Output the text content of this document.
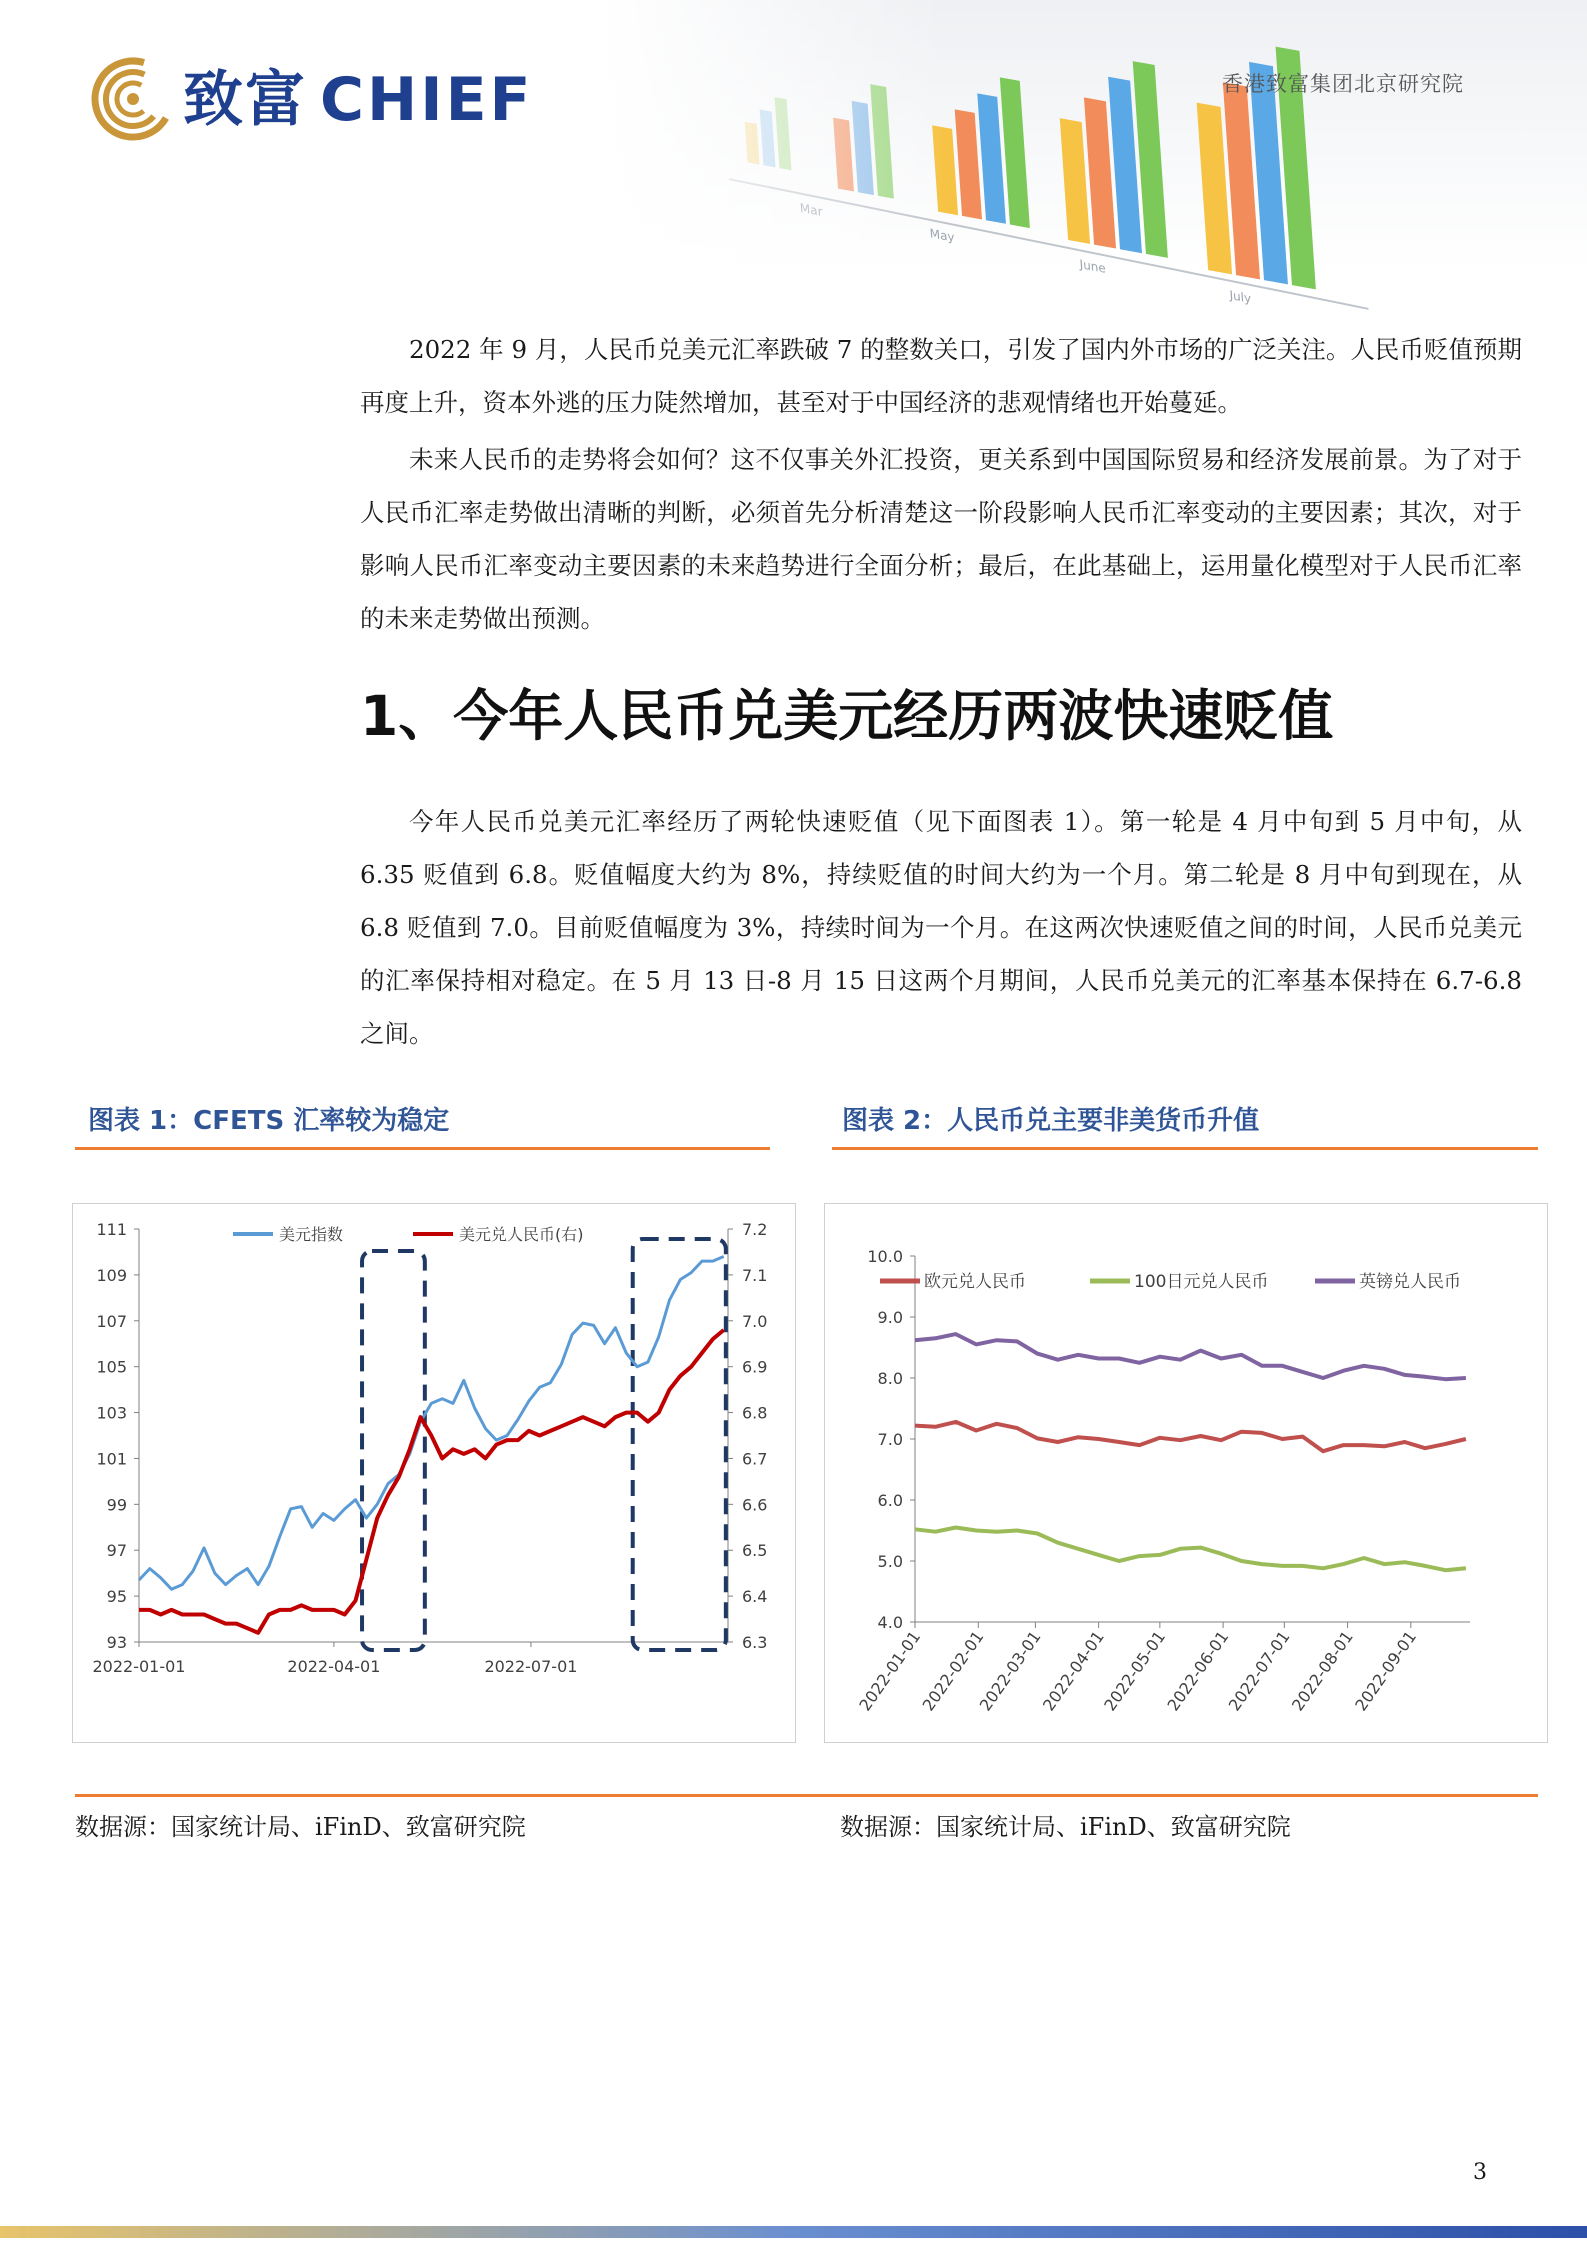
July
致富 CHIEF	香港致富集团北京研究院
2022 年 9 月，人民币兑美元汇率跌破 7 的整数关口，引发了国内外市场的广泛关注。人民币贬值预期再度上升，资本外逃的压力陡然增加，甚至对于中国经济的悲观情绪也开始蔓延。
未来人民币的走势将会如何？这不仅事关外汇投资，更关系到中国国际贸易和经济发展前景。为了对于人民币汇率走势做出清晰的判断，必须首先分析清楚这一阶段影响人民币汇率变动的主要因素；其次，对于影响人民币汇率变动主要因素的未来趋势进行全面分析；最后，在此基础上，运用量化模型对于人民币汇率的未来走势做出预测。
1、今年人民币兑美元经历两波快速贬值
今年人民币兑美元汇率经历了两轮快速贬值（见下面图表 1）。第一轮是 4 月中旬到 5 月中旬，从 6.35 贬值到 6.8。贬值幅度大约为 8%，持续贬值的时间大约为一个月。第二轮是 8 月中旬到现在，从 6.8 贬值到 7.0。目前贬值幅度为 3%，持续时间为一个月。在这两次快速贬值之间的时间，人民币兑美元的汇率保持相对稳定。在 5 月 13 日-8 月 15 日这两个月期间，人民币兑美元的汇率基本保持在 6.7-6.8 之间。
图表 1：CFETS 汇率较为稳定	图表 2：人民币兑主要非美货币升值
111
109
107
105
103
101
99
97
95
93
7.2
7.1
7.0
6.9
6.8
6.7
6.6
6.5
6.4
6.3
2022-01-01	2022-04-01	2022-07-01
美元指数	美元兑人民币(右)
10.0
9.0
8.0
7.0
6.0
5.0
4.0
2022-01-01
2022-02-01
2022-03-01
2022-04-01
2022-05-01
2022-06-01
2022-07-01
2022-08-01
2022-09-01
欧元兑人民币	100日元兑人民币	英镑兑人民币
数据源：国家统计局、iFinD、致富研究院	数据源：国家统计局、iFinD、致富研究院
3
